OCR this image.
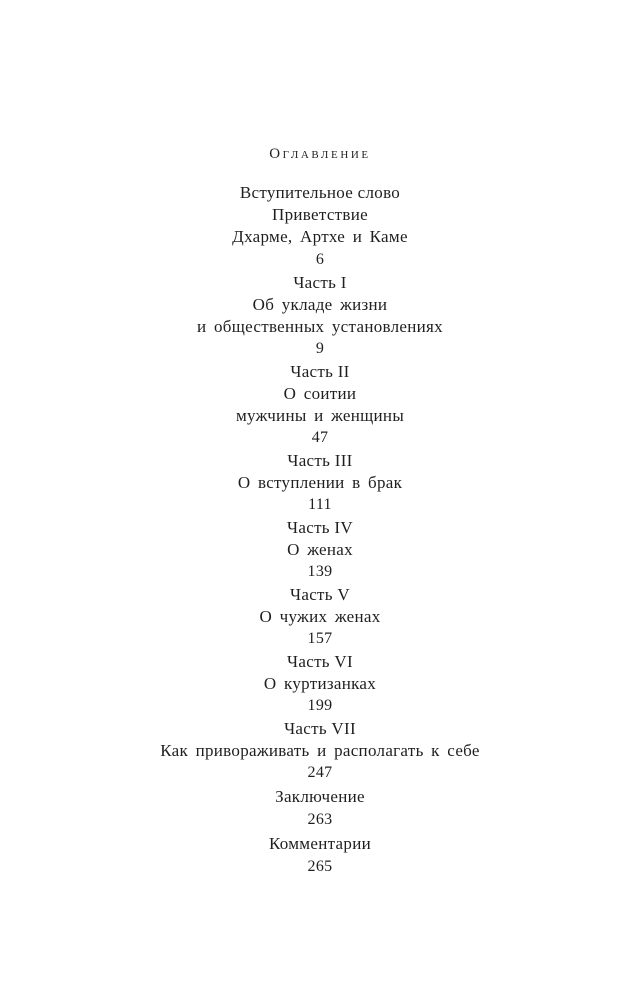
Оглавление
Вступительное слово
Приветствие
Дхарме, Артхе и Каме
6
Часть I
Об укладе жизни
и общественных установлениях
9
Часть II
О соитии
мужчины и женщины
47
Часть III
О вступлении в брак
111
Часть IV
О женах
139
Часть V
О чужих женах
157
Часть VI
О куртизанках
199
Часть VII
Как привораживать и располагать к себе
247
Заключение
263
Комментарии
265
